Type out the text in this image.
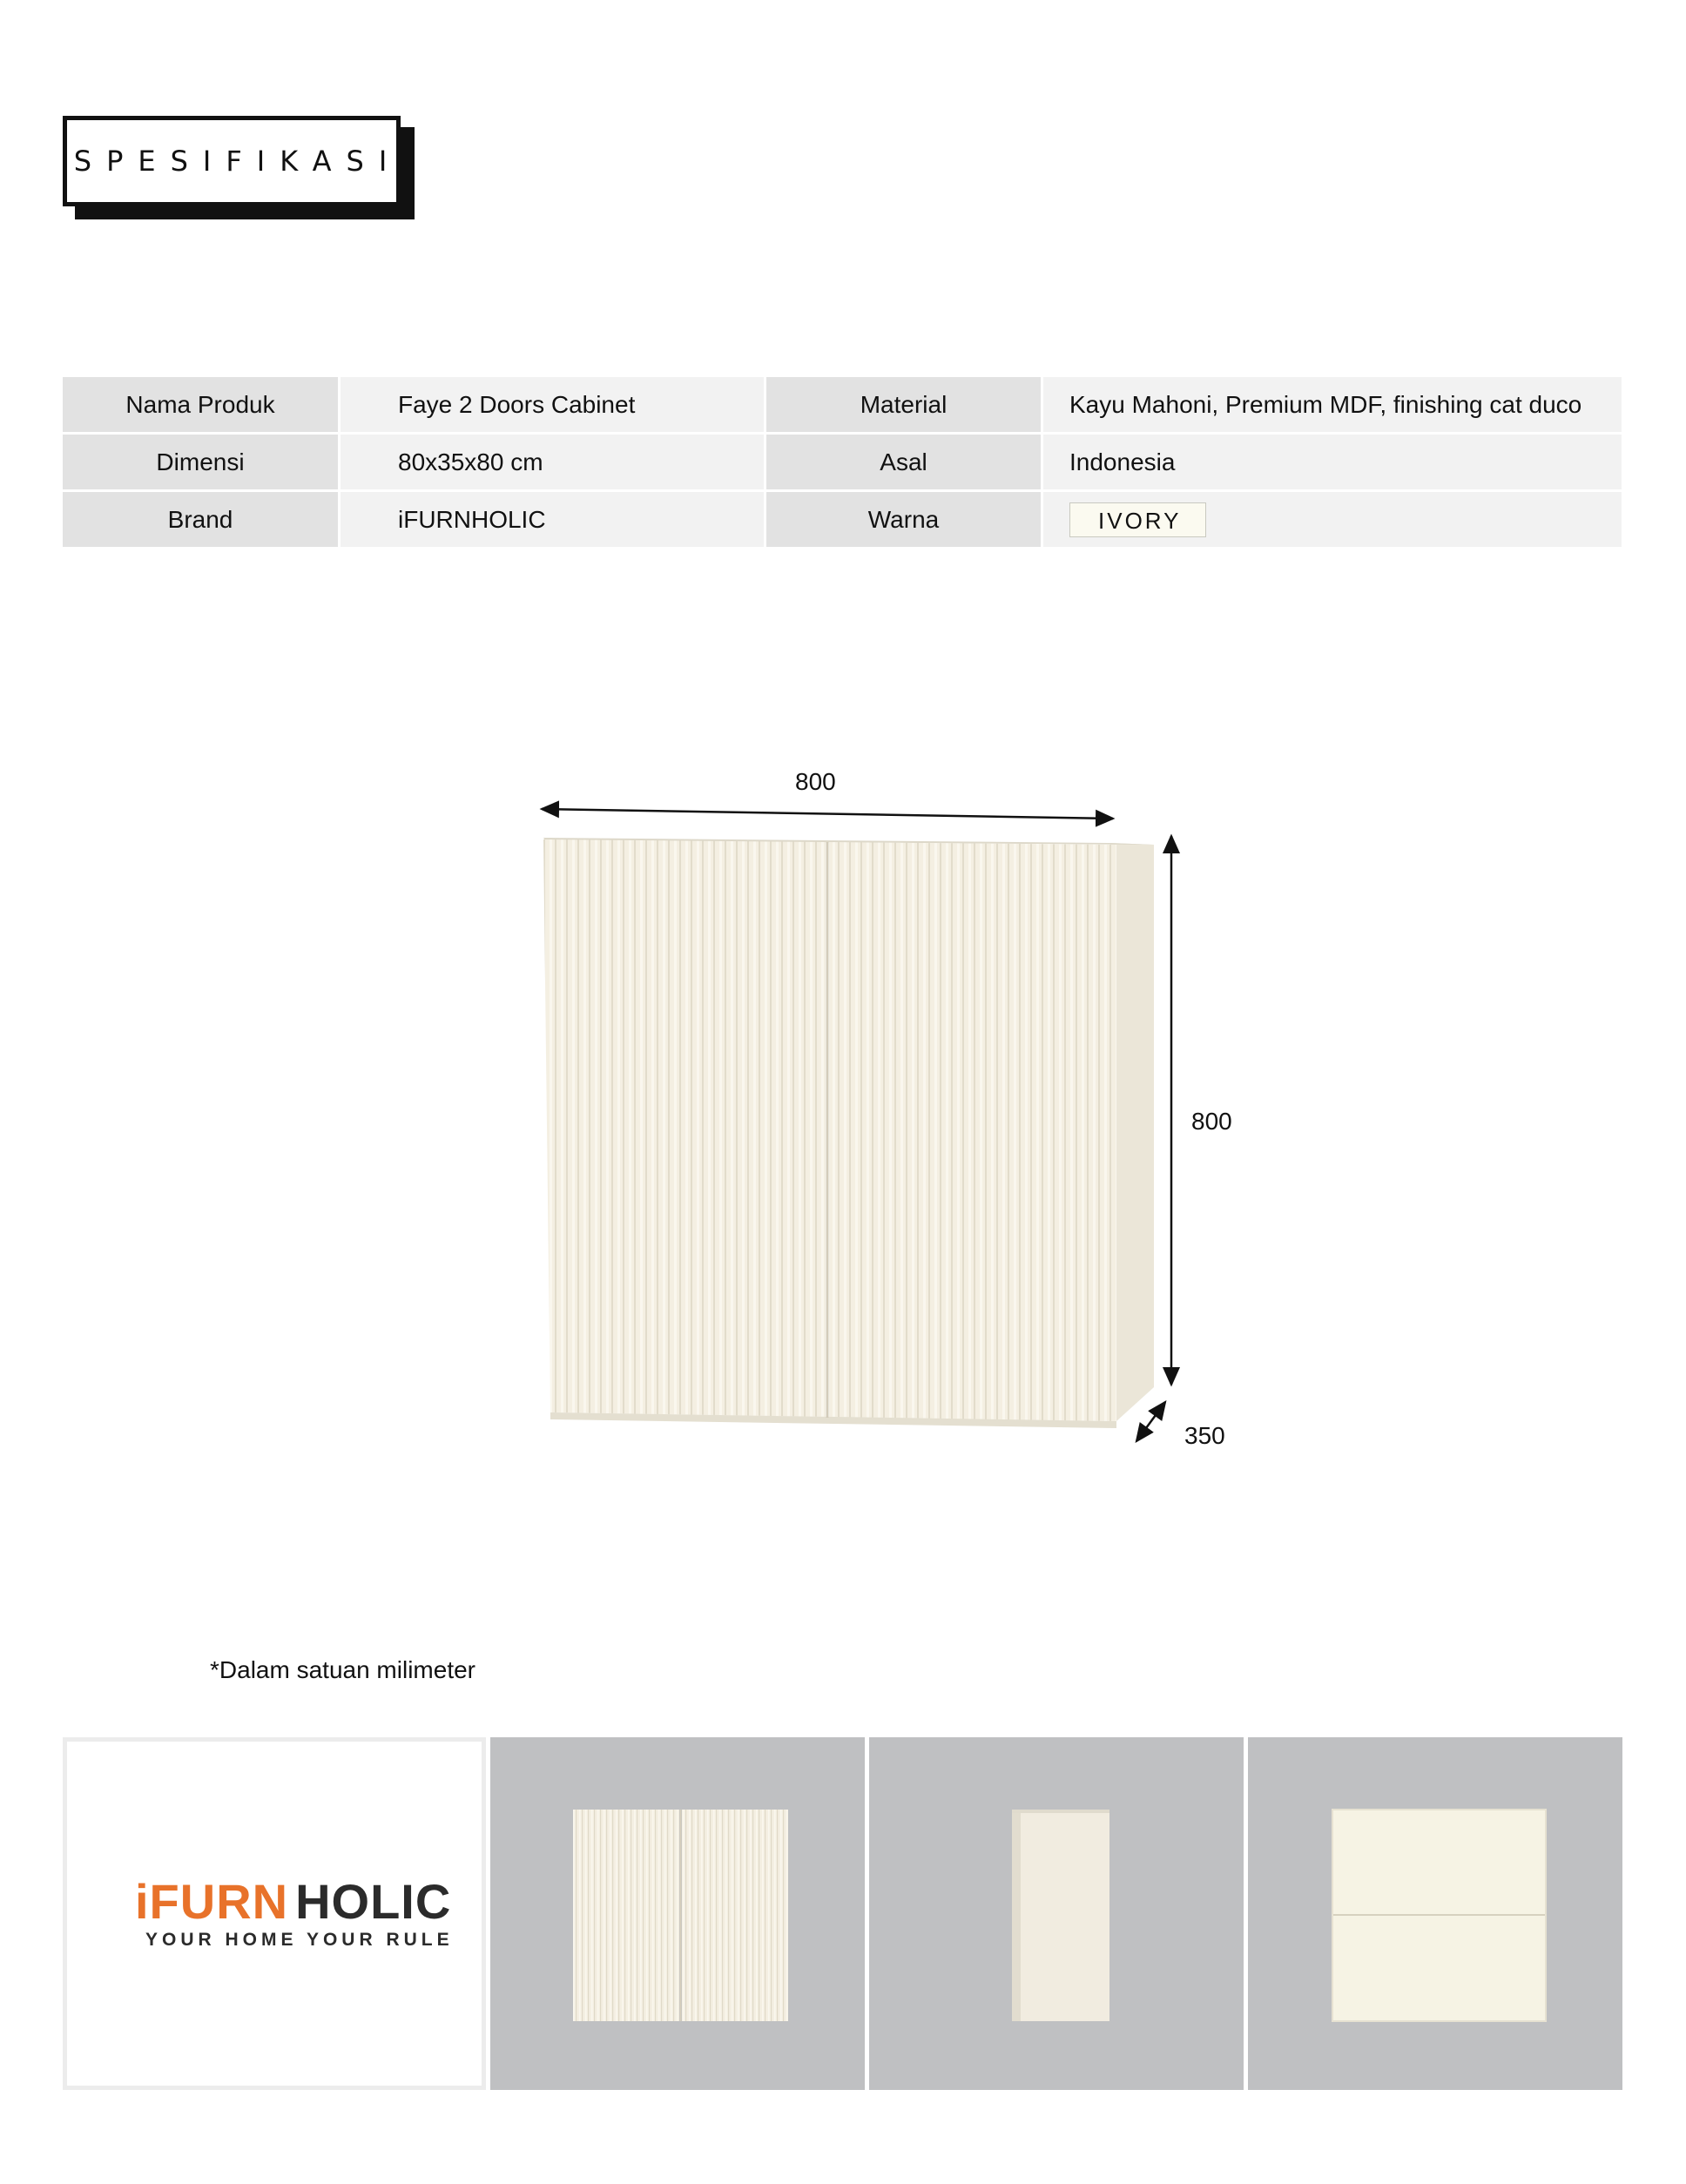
SPESIFIKASI
Nama Produk	Faye 2 Doors Cabinet	Material	Kayu Mahoni, Premium MDF, finishing cat duco
Dimensi	80x35x80 cm	Asal	Indonesia
Brand	iFURNHOLIC	Warna	IVORY
800
800
350
*Dalam satuan milimeter
iFURN HOLIC
YOUR HOME YOUR RULE
